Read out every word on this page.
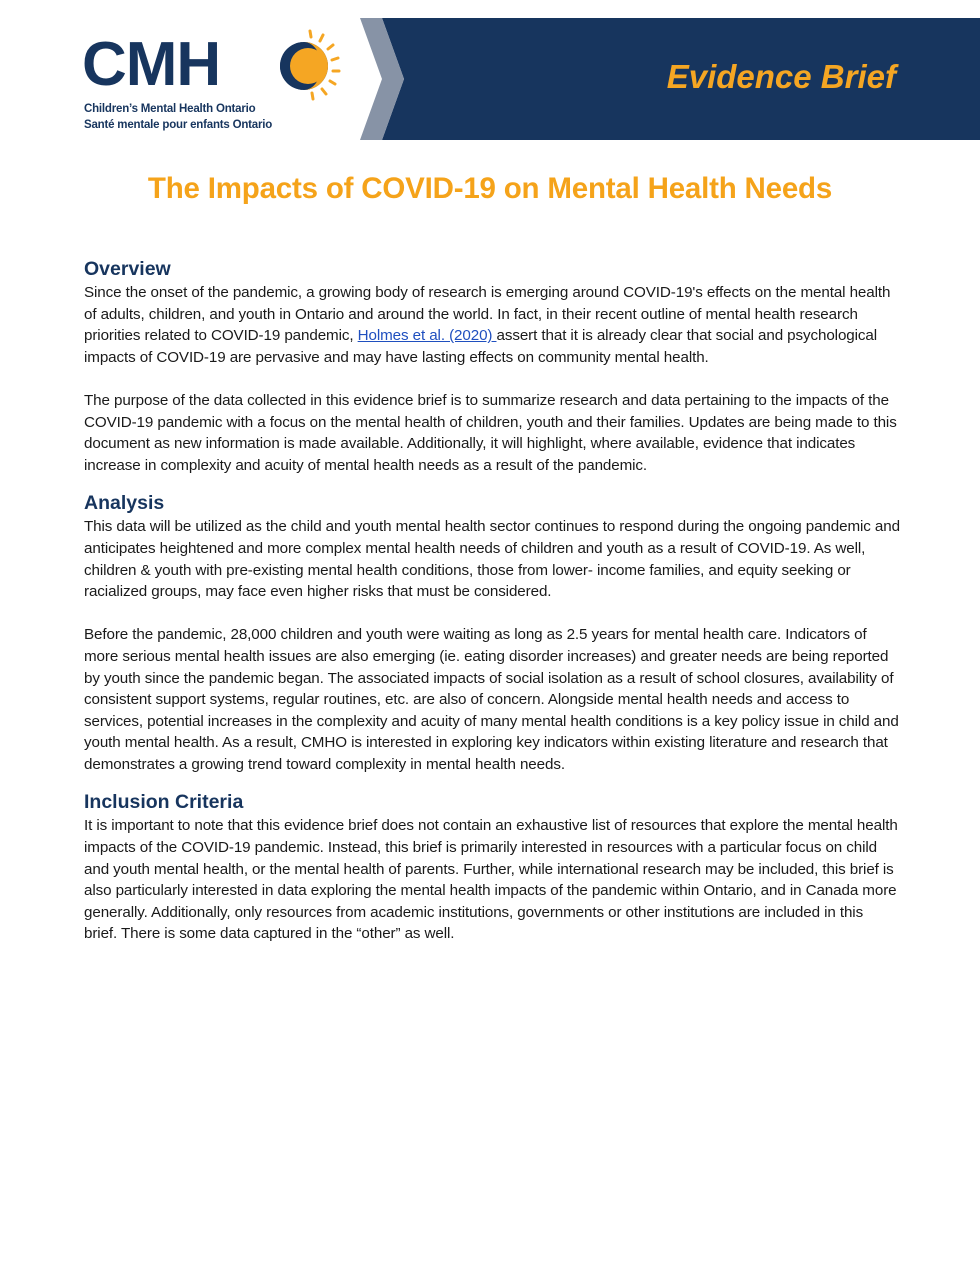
CMH
Children’s Mental Health Ontario
Santé mentale pour enfants Ontario
Evidence Brief
The Impacts of COVID-19 on Mental Health Needs
Overview

Since the onset of the pandemic, a growing body of research is emerging around COVID-19's effects on the mental health of adults, children, and youth in Ontario and around the world. In fact, in their recent outline of mental health research priorities related to COVID-19 pandemic, Holmes et al. (2020) assert that it is already clear that social and psychological impacts of COVID-19 are pervasive and may have lasting effects on community mental health.

The purpose of the data collected in this evidence brief is to summarize research and data pertaining to the impacts of the COVID-19 pandemic with a focus on the mental health of children, youth and their families. Updates are being made to this document as new information is made available. Additionally, it will highlight, where available, evidence that indicates increase in complexity and acuity of mental health needs as a result of the pandemic.

Analysis

This data will be utilized as the child and youth mental health sector continues to respond during the ongoing pandemic and anticipates heightened and more complex mental health needs of children and youth as a result of COVID-19. As well, children & youth with pre-existing mental health conditions, those from lower- income families, and equity seeking or racialized groups, may face even higher risks that must be considered.

Before the pandemic, 28,000 children and youth were waiting as long as 2.5 years for mental health care. Indicators of more serious mental health issues are also emerging (ie. eating disorder increases) and greater needs are being reported by youth since the pandemic began. The associated impacts of social isolation as a result of school closures, availability of consistent support systems, regular routines, etc. are also of concern. Alongside mental health needs and access to services, potential increases in the complexity and acuity of many mental health conditions is a key policy issue in child and youth mental health. As a result, CMHO is interested in exploring key indicators within existing literature and research that demonstrates a growing trend toward complexity in mental health needs.

Inclusion Criteria

It is important to note that this evidence brief does not contain an exhaustive list of resources that explore the mental health impacts of the COVID-19 pandemic. Instead, this brief is primarily interested in resources with a particular focus on child and youth mental health, or the mental health of parents. Further, while international research may be included, this brief is also particularly interested in data exploring the mental health impacts of the pandemic within Ontario, and in Canada more generally. Additionally, only resources from academic institutions, governments or other institutions are included in this brief. There is some data captured in the “other” as well.
